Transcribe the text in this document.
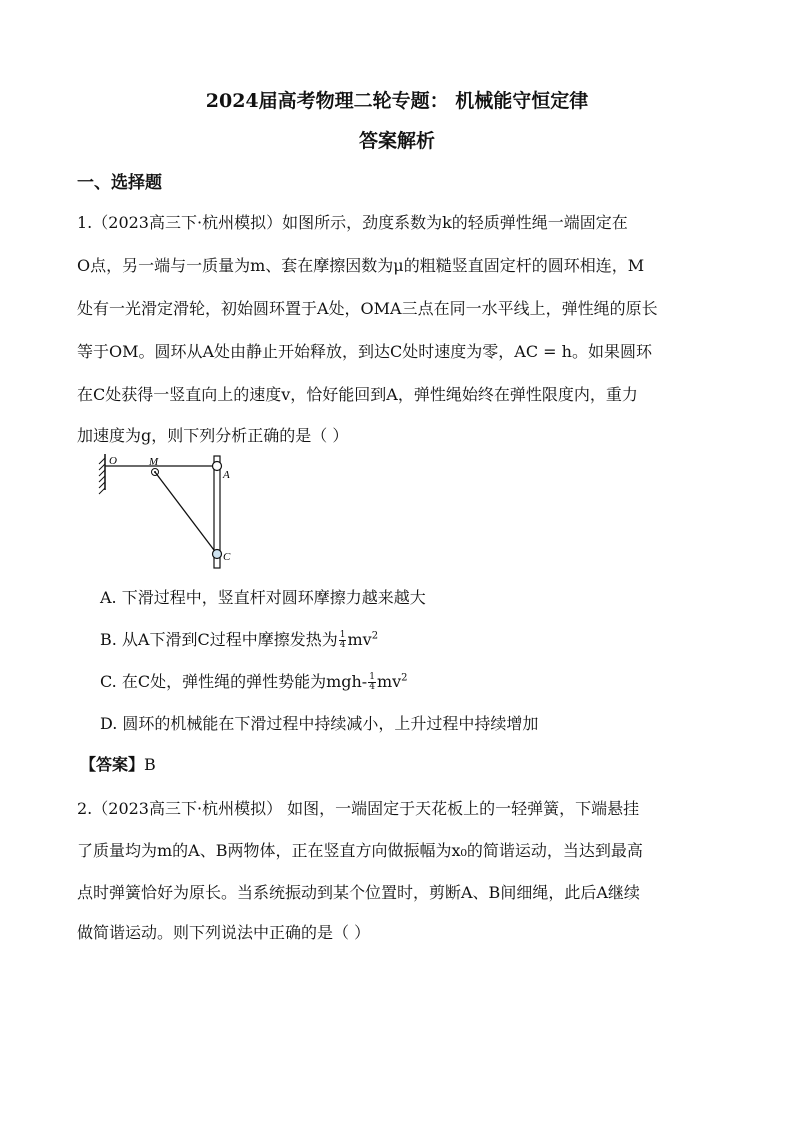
2024届高考物理二轮专题： 机械能守恒定律
答案解析
一、选择题
1.（2023高三下·杭州模拟）如图所示，劲度系数为k的轻质弹性绳一端固定在
O点，另一端与一质量为m、套在摩擦因数为μ的粗糙竖直固定杆的圆环相连，M
处有一光滑定滑轮，初始圆环置于A处，OMA三点在同一水平线上，弹性绳的原长
等于OM。圆环从A处由静止开始释放，到达C处时速度为零，AC = h。如果圆环
在C处获得一竖直向上的速度v，恰好能回到A，弹性绳始终在弹性限度内，重力
加速度为g，则下列分析正确的是（ ）
O	M
A
C
A. 下滑过程中，竖直杆对圆环摩擦力越来越大
B. 从A下滑到C过程中摩擦发热为 $\frac{1}{4} mv^2$
C. 在C处，弹性绳的弹性势能为$mgh- \frac{1}{4} mv^2$
D. 圆环的机械能在下滑过程中持续减小，上升过程中持续增加
【答案】B
2.（2023高三下·杭州模拟） 如图，一端固定于天花板上的一轻弹簧，下端悬挂
了质量均为m的A、B两物体，正在竖直方向做振幅为x₀的简谐运动，当达到最高
点时弹簧恰好为原长。当系统振动到某个位置时，剪断A、B间细绳，此后A继续
做简谐运动。则下列说法中正确的是（ ）
